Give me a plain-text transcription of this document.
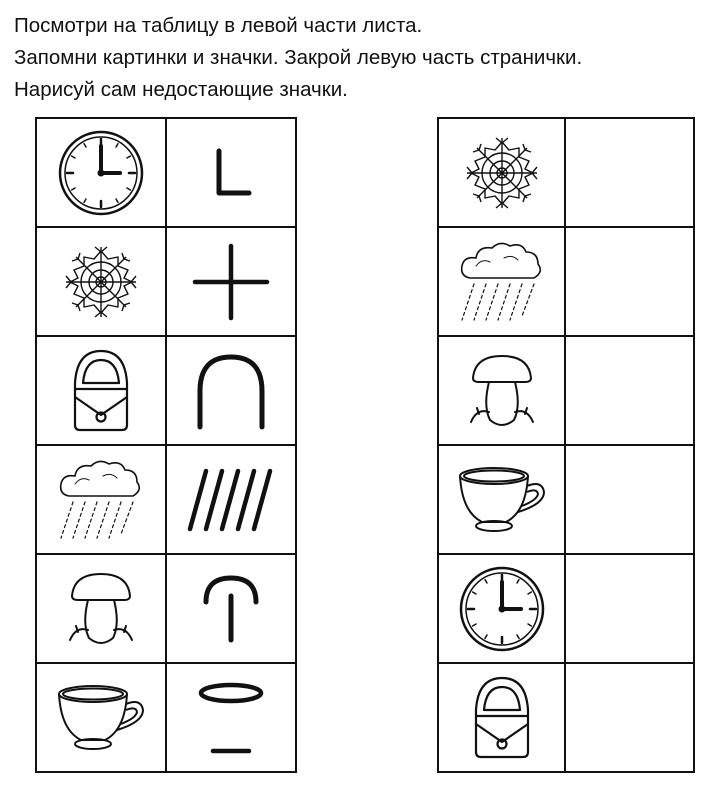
Посмотри на таблицу в левой части листа.
Запомни картинки и значки. Закрой левую часть странички.
Нарисуй сам недостающие значки.
